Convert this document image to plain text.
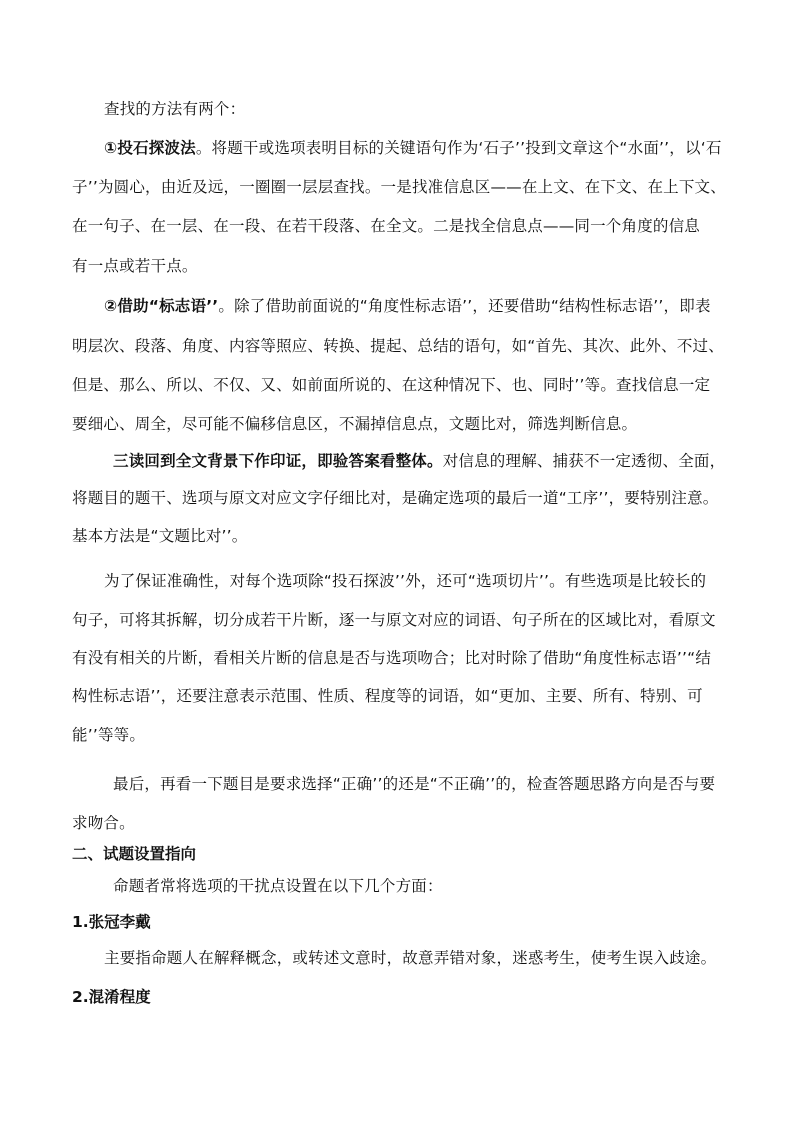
查找的方法有两个：
①投石探波法。将题干或选项表明目标的关键语句作为‘石子’’投到文章这个“水面’’，以‘石
子’’为圆心，由近及远，一圈圈一层层查找。一是找准信息区——在上文、在下文、在上下文、
在一句子、在一层、在一段、在若干段落、在全文。二是找全信息点——同一个角度的信息
有一点或若干点。
②借助“标志语’’。除了借助前面说的“角度性标志语’’，还要借助“结构性标志语’’，即表
明层次、段落、角度、内容等照应、转换、提起、总结的语句，如“首先、其次、此外、不过、
但是、那么、所以、不仅、又、如前面所说的、在这种情况下、也、同时’’等。查找信息一定
要细心、周全，尽可能不偏移信息区，不漏掉信息点，文题比对，筛选判断信息。
三读回到全文背景下作印证，即验答案看整体。对信息的理解、捕获不一定透彻、全面，
将题目的题干、选项与原文对应文字仔细比对，是确定选项的最后一道“工序’’，要特别注意。
基本方法是“文题比对’’。
为了保证准确性，对每个选项除“投石探波’’外，还可“选项切片’’。有些选项是比较长的
句子，可将其拆解，切分成若干片断，逐一与原文对应的词语、句子所在的区域比对，看原文
有没有相关的片断，看相关片断的信息是否与选项吻合；比对时除了借助“角度性标志语’’“结
构性标志语’’，还要注意表示范围、性质、程度等的词语，如“更加、主要、所有、特别、可
能’’等等。
最后，再看一下题目是要求选择“正确’’的还是“不正确’’的，检查答题思路方向是否与要
求吻合。
二、试题设置指向
命题者常将选项的干扰点设置在以下几个方面：
1.张冠李戴
主要指命题人在解释概念，或转述文意时，故意弄错对象，迷惑考生，使考生误入歧途。
2.混淆程度
